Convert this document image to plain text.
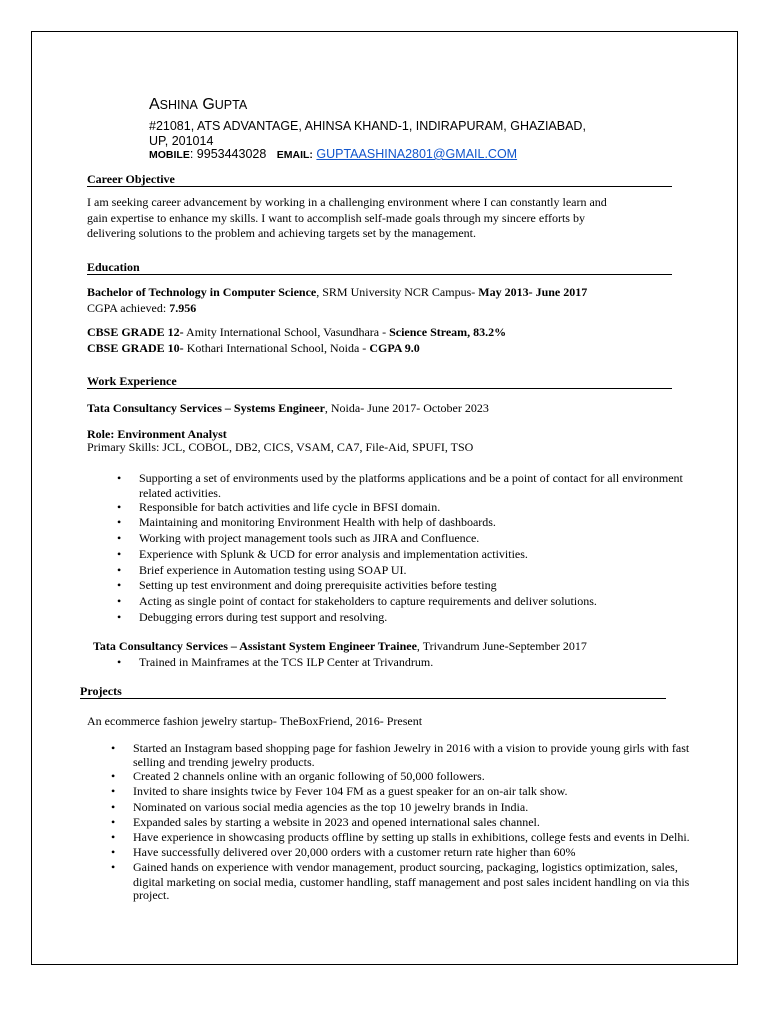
ASHINA GUPTA
#21081, ATS ADVANTAGE, AHINSA KHAND-1, INDIRAPURAM, GHAZIABAD,
UP, 201014
MOBILE: 9953443028 EMAIL: GUPTAASHINA2801@GMAIL.COM
Career Objective
I am seeking career advancement by working in a challenging environment where I can constantly learn and
gain expertise to enhance my skills. I want to accomplish self-made goals through my sincere efforts by
delivering solutions to the problem and achieving targets set by the management.
Education
Bachelor of Technology in Computer Science, SRM University NCR Campus- May 2013- June 2017
CGPA achieved: 7.956
CBSE GRADE 12- Amity International School, Vasundhara - Science Stream, 83.2%
CBSE GRADE 10- Kothari International School, Noida - CGPA 9.0
Work Experience
Tata Consultancy Services – Systems Engineer, Noida- June 2017- October 2023
Role: Environment Analyst
Primary Skills: JCL, COBOL, DB2, CICS, VSAM, CA7, File-Aid, SPUFI, TSO
• Supporting a set of environments used by the platforms applications and be a point of contact for all environment
related activities.
• Responsible for batch activities and life cycle in BFSI domain.
• Maintaining and monitoring Environment Health with help of dashboards.
• Working with project management tools such as JIRA and Confluence.
• Experience with Splunk & UCD for error analysis and implementation activities.
• Brief experience in Automation testing using SOAP UI.
• Setting up test environment and doing prerequisite activities before testing
• Acting as single point of contact for stakeholders to capture requirements and deliver solutions.
• Debugging errors during test support and resolving.
Tata Consultancy Services – Assistant System Engineer Trainee, Trivandrum June-September 2017
• Trained in Mainframes at the TCS ILP Center at Trivandrum.
Projects
An ecommerce fashion jewelry startup- TheBoxFriend, 2016- Present
• Started an Instagram based shopping page for fashion Jewelry in 2016 with a vision to provide young girls with fast
selling and trending jewelry products.
• Created 2 channels online with an organic following of 50,000 followers.
• Invited to share insights twice by Fever 104 FM as a guest speaker for an on-air talk show.
• Nominated on various social media agencies as the top 10 jewelry brands in India.
• Expanded sales by starting a website in 2023 and opened international sales channel.
• Have experience in showcasing products offline by setting up stalls in exhibitions, college fests and events in Delhi.
• Have successfully delivered over 20,000 orders with a customer return rate higher than 60%
• Gained hands on experience with vendor management, product sourcing, packaging, logistics optimization, sales,
digital marketing on social media, customer handling, staff management and post sales incident handling on via this
project.
